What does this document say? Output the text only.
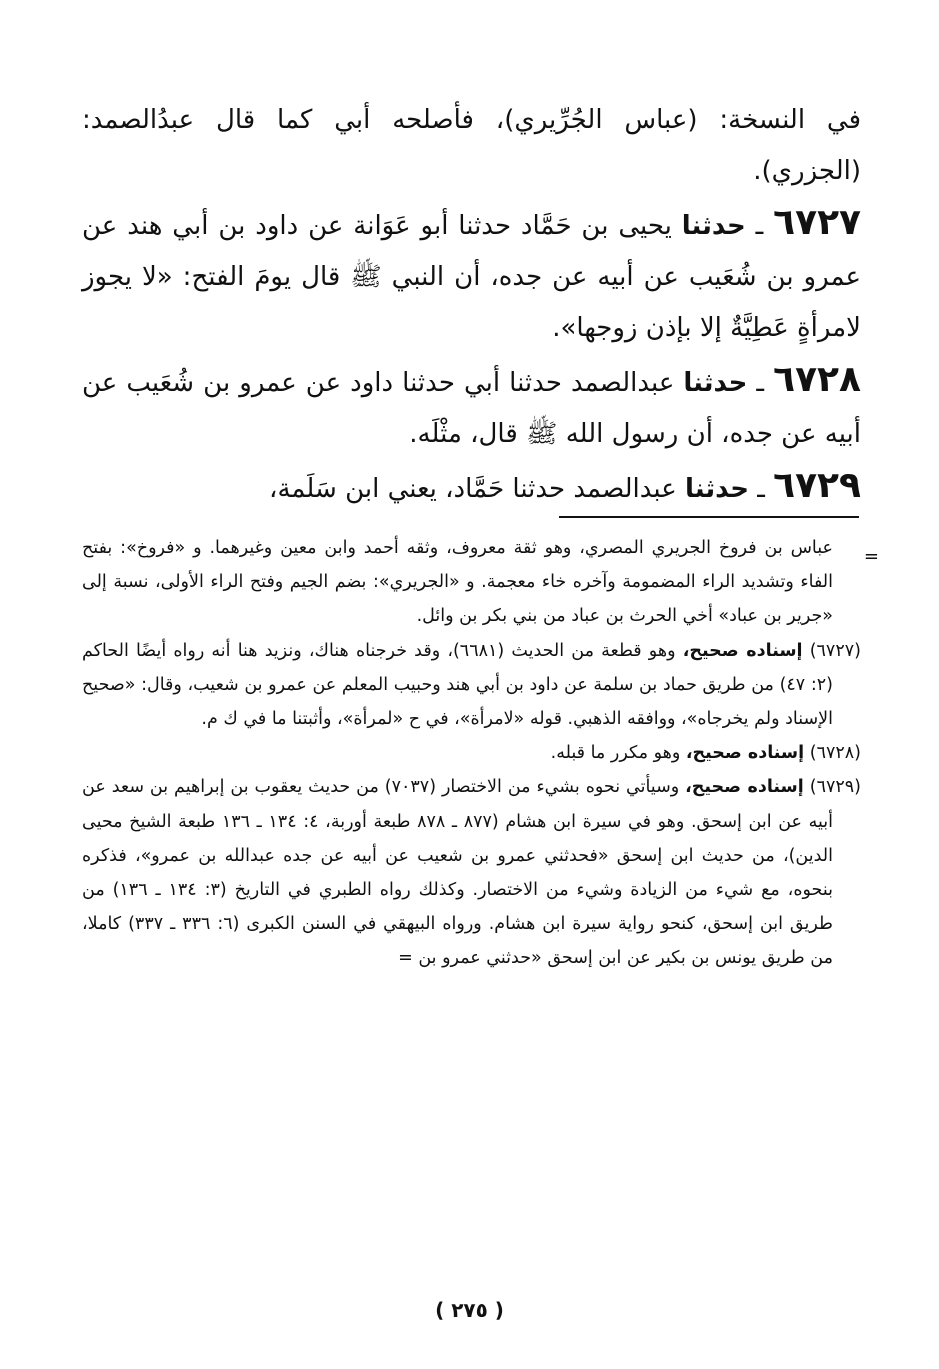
في النسخة: (عباس الجُرِّيري)، فأصلحه أبي كما قال عبدُالصمد: (الجزري).

٦٧٢٧ ـ حدثنا يحيى بن حَمَّاد حدثنا أبو عَوَانة عن داود بن أبي هند عن عمرو بن شُعَيب عن أبيه عن جده، أن النبي ﷺ قال يومَ الفتح: «لا يجوز لامرأةٍ عَطِيَّةٌ إلا بإذن زوجها».

٦٧٢٨ ـ حدثنا عبدالصمد حدثنا أبي حدثنا داود عن عمرو بن شُعَيب عن أبيه عن جده، أن رسول الله ﷺ قال، مثْلَه.

٦٧٢٩ ـ حدثنا عبدالصمد حدثنا حَمَّاد، يعني ابن سَلَمة،

=

عباس بن فروخ الجريري المصري، وهو ثقة معروف، وثقه أحمد وابن معين وغيرهما. و «فروخ»: بفتح الفاء وتشديد الراء المضمومة وآخره خاء معجمة. و «الجريري»: بضم الجيم وفتح الراء الأولى، نسبة إلى «جرير بن عباد» أخي الحرث بن عباد من بني بكر بن وائل.

(٦٧٢٧) إسناده صحيح، وهو قطعة من الحديث (٦٦٨١)، وقد خرجناه هناك، ونزيد هنا أنه رواه أيضًا الحاكم (٢: ٤٧) من طريق حماد بن سلمة عن داود بن أبي هند وحبيب المعلم عن عمرو بن شعيب، وقال: «صحيح الإسناد ولم يخرجاه»، ووافقه الذهبي. قوله «لامرأة»، في ح «لمرأة»، وأثبتنا ما في ك م.

(٦٧٢٨) إسناده صحيح، وهو مكرر ما قبله.

(٦٧٢٩) إسناده صحيح، وسيأتي نحوه بشيء من الاختصار (٧٠٣٧) من حديث يعقوب بن إبراهيم بن سعد عن أبيه عن ابن إسحق. وهو في سيرة ابن هشام (٨٧٧ ـ ٨٧٨ طبعة أوربة، ٤: ١٣٤ ـ ١٣٦ طبعة الشيخ محيى الدين)، من حديث ابن إسحق «فحدثني عمرو بن شعيب عن أبيه عن جده عبدالله بن عمرو»، فذكره بنحوه، مع شيء من الزيادة وشيء من الاختصار. وكذلك رواه الطبري في التاريخ (٣: ١٣٤ ـ ١٣٦) من طريق ابن إسحق، كنحو رواية سيرة ابن هشام. ورواه البيهقي في السنن الكبرى (٦: ٣٣٦ ـ ٣٣٧) كاملا، من طريق يونس بن بكير عن ابن إسحق «حدثني عمرو بن =

( ٢٧٥ )
